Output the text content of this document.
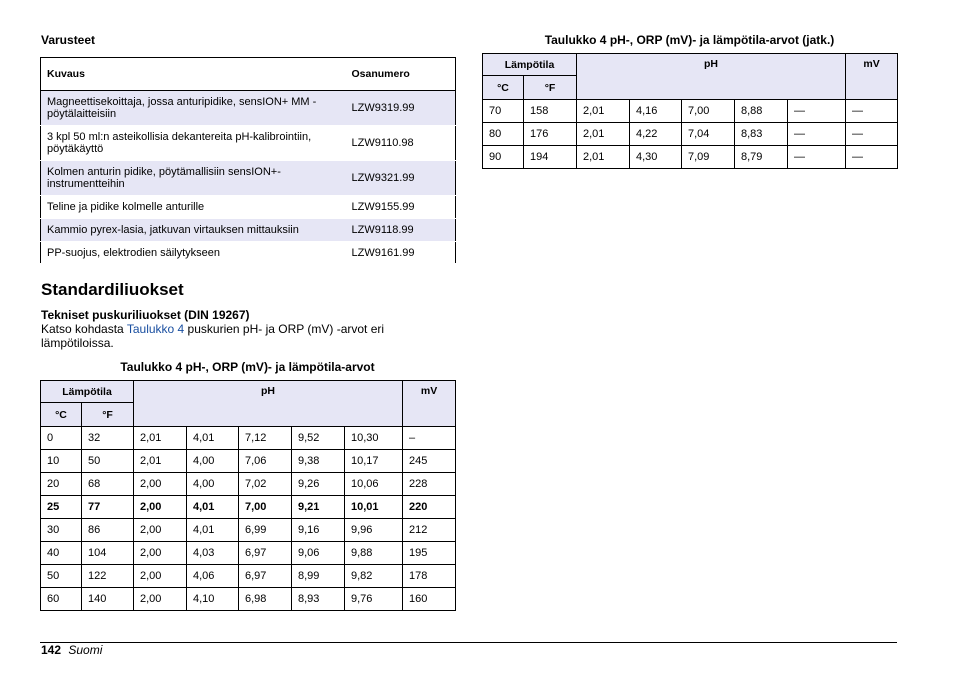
Varusteet
Kuvaus	Osanumero
Magneettisekoittaja, jossa anturipidike, sensION+ MM -pöytälaitteisiin	LZW9319.99
3 kpl 50 ml:n asteikollisia dekantereita pH-kalibrointiin, pöytäkäyttö	LZW9110.98
Kolmen anturin pidike, pöytämallisiin sensION+-instrumentteihin	LZW9321.99
Teline ja pidike kolmelle anturille	LZW9155.99
Kammio pyrex-lasia, jatkuvan virtauksen mittauksiin	LZW9118.99
PP-suojus, elektrodien säilytykseen	LZW9161.99
Standardiliuokset
Tekniset puskuriliuokset (DIN 19267)
Katso kohdasta Taulukko 4 puskurien pH- ja ORP (mV) -arvot eri lämpötiloissa.
Taulukko 4 pH-, ORP (mV)- ja lämpötila-arvot
Lämpötila		pH					mV
°C	°F						
0	32	2,01	4,01	7,12	9,52	10,30	–
10	50	2,01	4,00	7,06	9,38	10,17	245
20	68	2,00	4,00	7,02	9,26	10,06	228
25	77	2,00	4,01	7,00	9,21	10,01	220
30	86	2,00	4,01	6,99	9,16	9,96	212
40	104	2,00	4,03	6,97	9,06	9,88	195
50	122	2,00	4,06	6,97	8,99	9,82	178
60	140	2,00	4,10	6,98	8,93	9,76	160
Taulukko 4 pH-, ORP (mV)- ja lämpötila-arvot (jatk.)
Lämpötila		pH					mV
°C	°F						
70	158	2,01	4,16	7,00	8,88	—	—
80	176	2,01	4,22	7,04	8,83	—	—
90	194	2,01	4,30	7,09	8,79	—	—
142 Suomi
